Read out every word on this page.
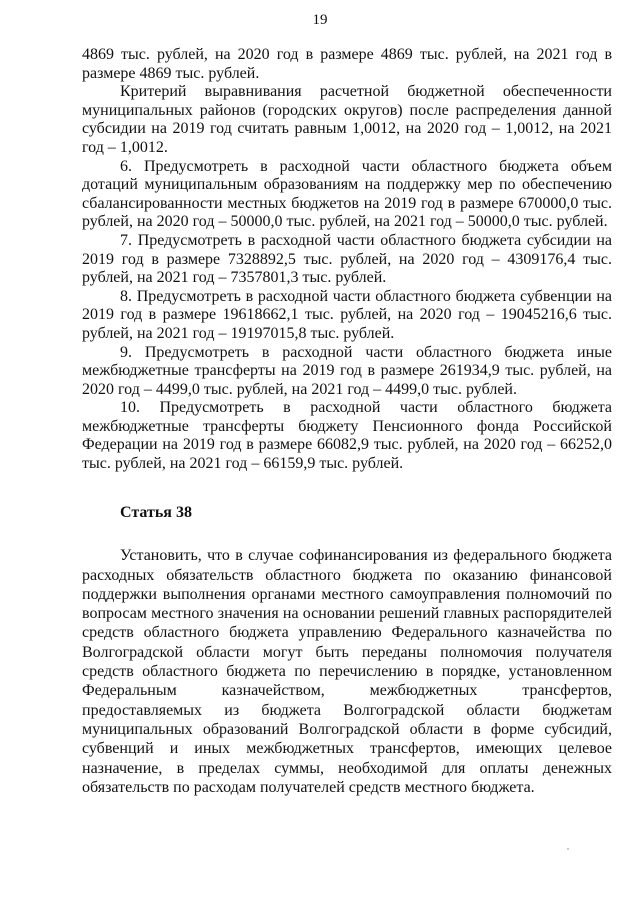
19

4869 тыс. рублей, на 2020 год в размере 4869 тыс. рублей, на 2021 год в размере 4869 тыс. рублей.

Критерий выравнивания расчетной бюджетной обеспеченности муниципальных районов (городских округов) после распределения данной субсидии на 2019 год считать равным 1,0012, на 2020 год – 1,0012, на 2021 год – 1,0012.

6. Предусмотреть в расходной части областного бюджета объем дотаций муниципальным образованиям на поддержку мер по обеспечению сбалансированности местных бюджетов на 2019 год в размере 670000,0 тыс. рублей, на 2020 год – 50000,0 тыс. рублей, на 2021 год – 50000,0 тыс. рублей.

7. Предусмотреть в расходной части областного бюджета субсидии на 2019 год в размере 7328892,5 тыс. рублей, на 2020 год – 4309176,4 тыс. рублей, на 2021 год – 7357801,3 тыс. рублей.

8. Предусмотреть в расходной части областного бюджета субвенции на 2019 год в размере 19618662,1 тыс. рублей, на 2020 год – 19045216,6 тыс. рублей, на 2021 год – 19197015,8 тыс. рублей.

9. Предусмотреть в расходной части областного бюджета иные межбюджетные трансферты на 2019 год в размере 261934,9 тыс. рублей, на 2020 год – 4499,0 тыс. рублей, на 2021 год – 4499,0 тыс. рублей.

10. Предусмотреть в расходной части областного бюджета межбюджетные трансферты бюджету Пенсионного фонда Российской Федерации на 2019 год в размере 66082,9 тыс. рублей, на 2020 год – 66252,0 тыс. рублей, на 2021 год – 66159,9 тыс. рублей.

Статья 38

Установить, что в случае софинансирования из федерального бюджета расходных обязательств областного бюджета по оказанию финансовой поддержки выполнения органами местного самоуправления полномочий по вопросам местного значения на основании решений главных распорядителей средств областного бюджета управлению Федерального казначейства по Волгоградской области могут быть переданы полномочия получателя средств областного бюджета по перечислению в порядке, установленном Федеральным казначейством, межбюджетных трансфертов, предоставляемых из бюджета Волгоградской области бюджетам муниципальных образований Волгоградской области в форме субсидий, субвенций и иных межбюджетных трансфертов, имеющих целевое назначение, в пределах суммы, необходимой для оплаты денежных обязательств по расходам получателей средств местного бюджета.
